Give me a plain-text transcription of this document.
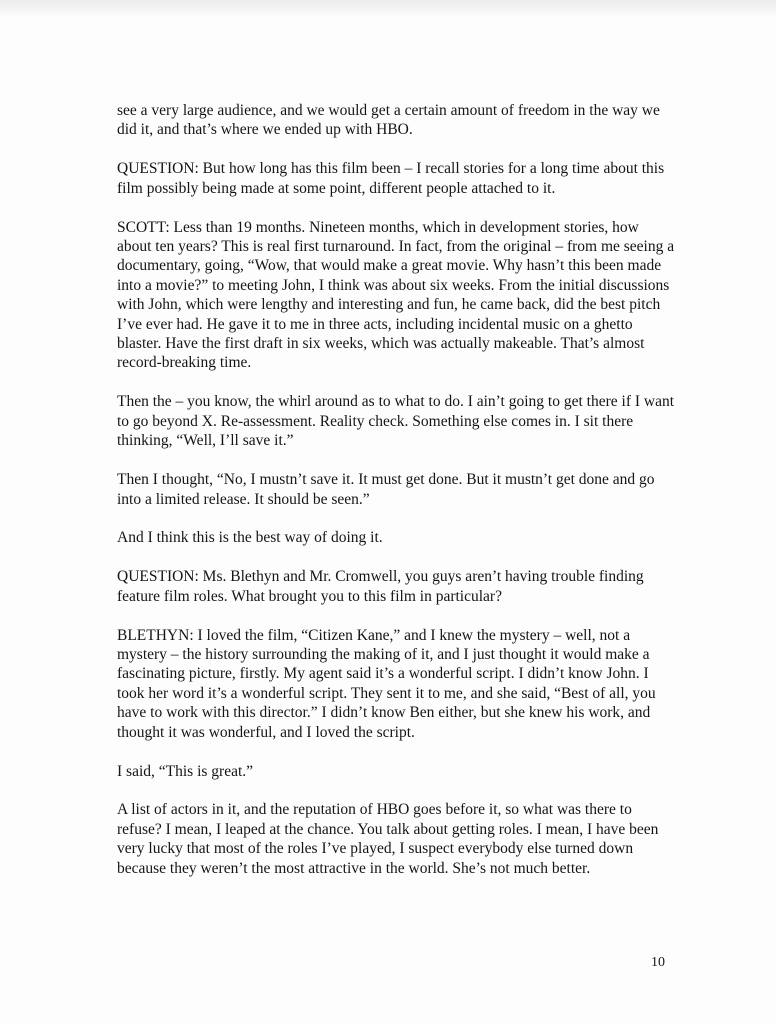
see a very large audience, and we would get a certain amount of freedom in the way we did it, and that’s where we ended up with HBO.

QUESTION: But how long has this film been – I recall stories for a long time about this film possibly being made at some point, different people attached to it.

SCOTT: Less than 19 months. Nineteen months, which in development stories, how about ten years? This is real first turnaround. In fact, from the original – from me seeing a documentary, going, “Wow, that would make a great movie. Why hasn’t this been made into a movie?” to meeting John, I think was about six weeks. From the initial discussions with John, which were lengthy and interesting and fun, he came back, did the best pitch I’ve ever had. He gave it to me in three acts, including incidental music on a ghetto blaster. Have the first draft in six weeks, which was actually makeable. That’s almost record-breaking time.

Then the – you know, the whirl around as to what to do. I ain’t going to get there if I want to go beyond X. Re-assessment. Reality check. Something else comes in. I sit there thinking, “Well, I’ll save it.”

Then I thought, “No, I mustn’t save it. It must get done. But it mustn’t get done and go into a limited release. It should be seen.”

And I think this is the best way of doing it.

QUESTION: Ms. Blethyn and Mr. Cromwell, you guys aren’t having trouble finding feature film roles. What brought you to this film in particular?

BLETHYN: I loved the film, “Citizen Kane,” and I knew the mystery – well, not a mystery – the history surrounding the making of it, and I just thought it would make a fascinating picture, firstly. My agent said it’s a wonderful script. I didn’t know John. I took her word it’s a wonderful script. They sent it to me, and she said, “Best of all, you have to work with this director.” I didn’t know Ben either, but she knew his work, and thought it was wonderful, and I loved the script.

I said, “This is great.”

A list of actors in it, and the reputation of HBO goes before it, so what was there to refuse? I mean, I leaped at the chance. You talk about getting roles. I mean, I have been very lucky that most of the roles I’ve played, I suspect everybody else turned down because they weren’t the most attractive in the world. She’s not much better.

10
